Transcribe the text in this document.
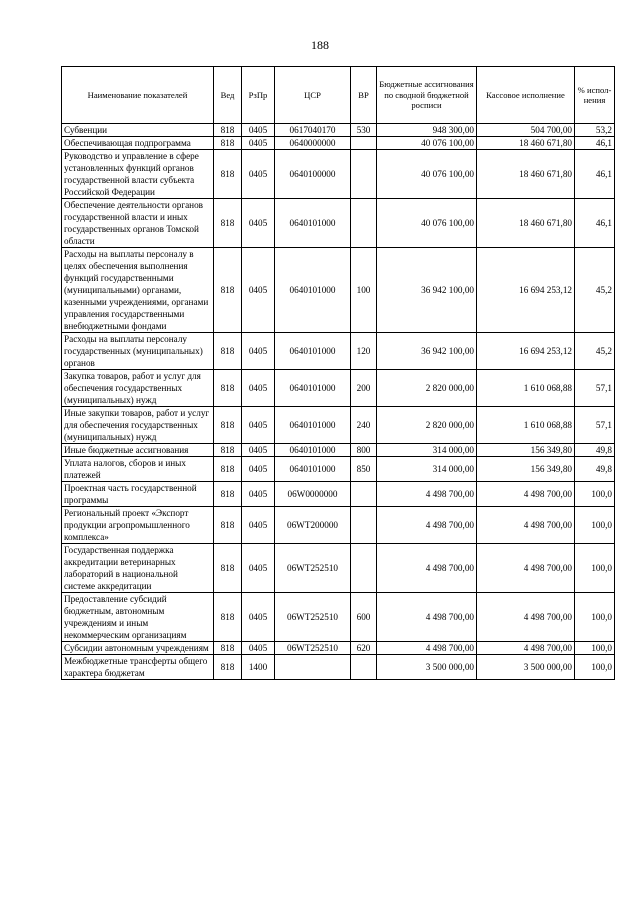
188
Наименование показателей	Вед	РзПр	ЦСР	ВР	Бюджетные ассигнования по сводной бюджетной росписи	Кассовое исполнение	% испол-нения
Субвенции	818	0405	0617040170	530	948 300,00	504 700,00	53,2
Обеспечивающая подпрограмма	818	0405	0640000000		40 076 100,00	18 460 671,80	46,1
Руководство и управление в сфере установленных функций органов государственной власти субъекта Российской Федерации	818	0405	0640100000		40 076 100,00	18 460 671,80	46,1
Обеспечение деятельности органов государственной власти и иных государственных органов Томской области	818	0405	0640101000		40 076 100,00	18 460 671,80	46,1
Расходы на выплаты персоналу в целях обеспечения выполнения функций государственными (муниципальными) органами, казенными учреждениями, органами управления государственными внебюджетными фондами	818	0405	0640101000	100	36 942 100,00	16 694 253,12	45,2
Расходы на выплаты персоналу государственных (муниципальных) органов	818	0405	0640101000	120	36 942 100,00	16 694 253,12	45,2
Закупка товаров, работ и услуг для обеспечения государственных (муниципальных) нужд	818	0405	0640101000	200	2 820 000,00	1 610 068,88	57,1
Иные закупки товаров, работ и услуг для обеспечения государственных (муниципальных) нужд	818	0405	0640101000	240	2 820 000,00	1 610 068,88	57,1
Иные бюджетные ассигнования	818	0405	0640101000	800	314 000,00	156 349,80	49,8
Уплата налогов, сборов и иных платежей	818	0405	0640101000	850	314 000,00	156 349,80	49,8
Проектная часть государственной программы	818	0405	06W0000000		4 498 700,00	4 498 700,00	100,0
Региональный проект «Экспорт продукции агропромышленного комплекса»	818	0405	06WT200000		4 498 700,00	4 498 700,00	100,0
Государственная поддержка аккредитации ветеринарных лабораторий в национальной системе аккредитации	818	0405	06WT252510		4 498 700,00	4 498 700,00	100,0
Предоставление субсидий бюджетным, автономным учреждениям и иным некоммерческим организациям	818	0405	06WT252510	600	4 498 700,00	4 498 700,00	100,0
Субсидии автономным учреждениям	818	0405	06WT252510	620	4 498 700,00	4 498 700,00	100,0
Межбюджетные трансферты общего характера бюджетам	818	1400			3 500 000,00	3 500 000,00	100,0
